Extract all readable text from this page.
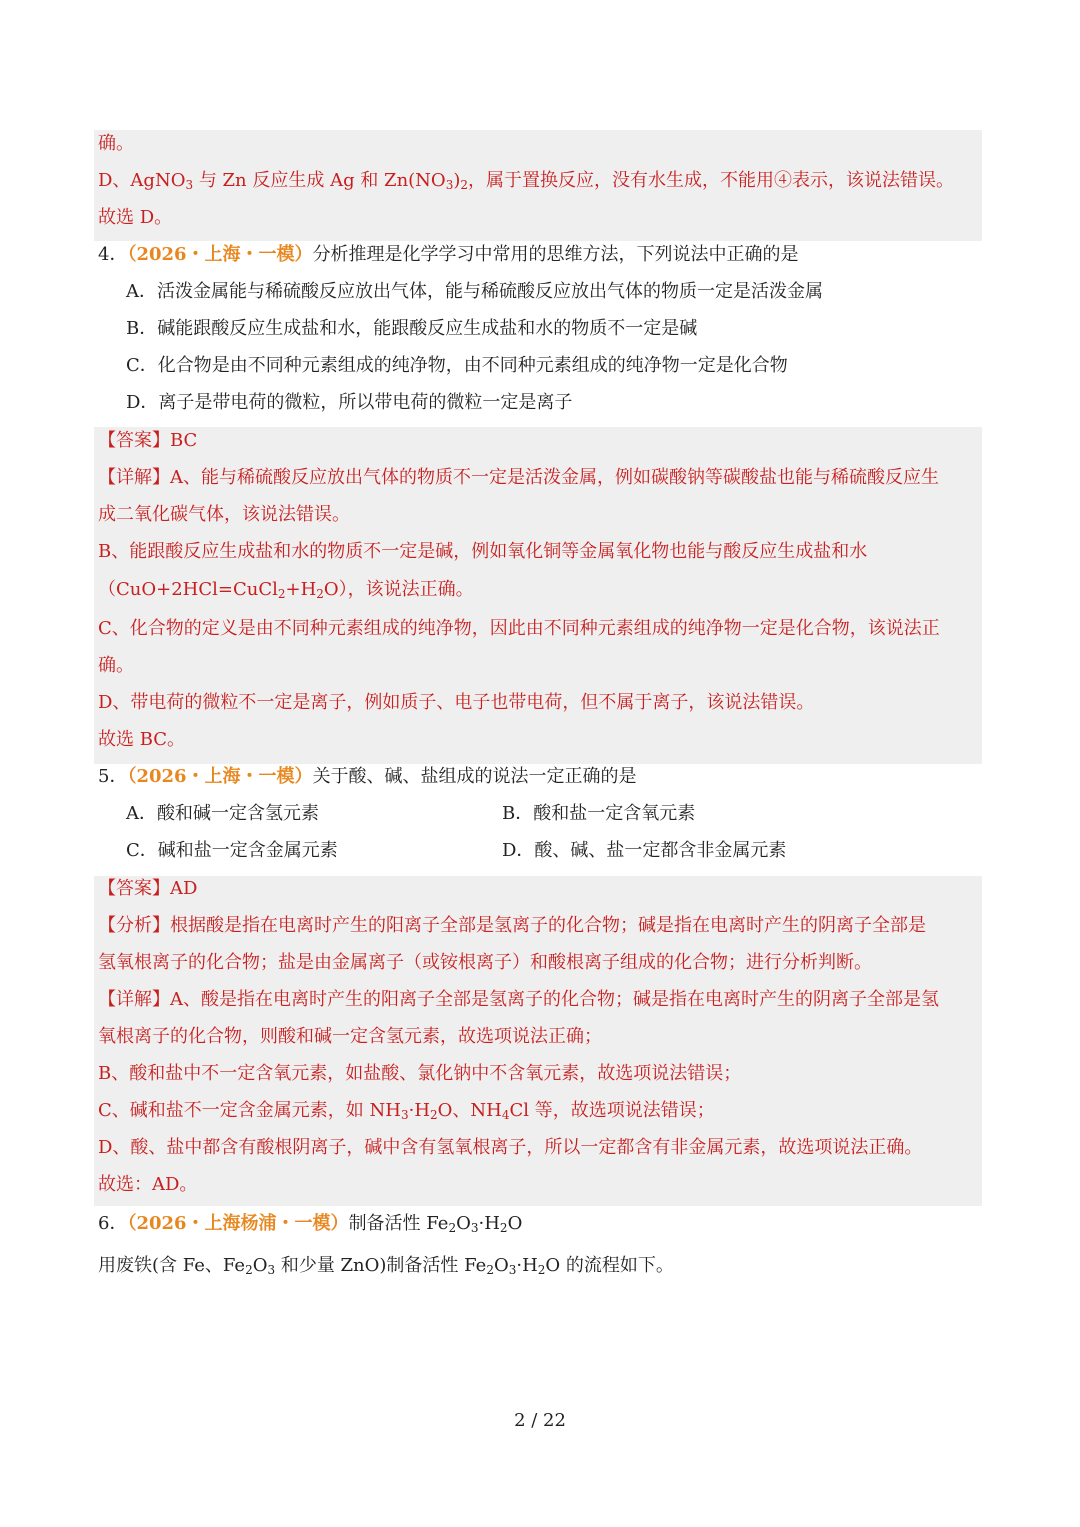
确。
D、AgNO$_3$ 与 Zn 反应生成 Ag 和 $Zn(NO_3)_2$，属于置换反应，没有水生成，不能用④表示，该说法错误。
故选 D。
4．（2026・上海・一模）分析推理是化学学习中常用的思维方法，下列说法中正确的是
A．活泼金属能与稀硫酸反应放出气体，能与稀硫酸反应放出气体的物质一定是活泼金属
B．碱能跟酸反应生成盐和水，能跟酸反应生成盐和水的物质不一定是碱
C．化合物是由不同种元素组成的纯净物，由不同种元素组成的纯净物一定是化合物
D．离子是带电荷的微粒，所以带电荷的微粒一定是离子
【答案】BC
【详解】A、能与稀硫酸反应放出气体的物质不一定是活泼金属，例如碳酸钠等碳酸盐也能与稀硫酸反应生
成二氧化碳气体，该说法错误。
B、能跟酸反应生成盐和水的物质不一定是碱，例如氧化铜等金属氧化物也能与酸反应生成盐和水
$(CuO+2HCl=CuCl_2+H_2O)$，该说法正确。
C、化合物的定义是由不同种元素组成的纯净物，因此由不同种元素组成的纯净物一定是化合物，该说法正
确。
D、带电荷的微粒不一定是离子，例如质子、电子也带电荷，但不属于离子，该说法错误。
故选 BC。
5．（2026・上海・一模）关于酸、碱、盐组成的说法一定正确的是
A．酸和碱一定含氢元素	B．酸和盐一定含氧元素
C．碱和盐一定含金属元素	D．酸、碱、盐一定都含非金属元素
【答案】AD
【分析】根据酸是指在电离时产生的阳离子全部是氢离子的化合物；碱是指在电离时产生的阴离子全部是
氢氧根离子的化合物；盐是由金属离子（或铵根离子）和酸根离子组成的化合物；进行分析判断。
【详解】A、酸是指在电离时产生的阳离子全部是氢离子的化合物；碱是指在电离时产生的阴离子全部是氢
氧根离子的化合物，则酸和碱一定含氢元素，故选项说法正确；
B、酸和盐中不一定含氧元素，如盐酸、氯化钠中不含氧元素，故选项说法错误；
C、碱和盐不一定含金属元素，如 $NH_3\cdot H_2O$、$NH_4Cl$ 等，故选项说法错误；
D、酸、盐中都含有酸根阴离子，碱中含有氢氧根离子，所以一定都含有非金属元素，故选项说法正确。
故选：AD。
6．（2026・上海杨浦・一模）制备活性 $Fe_2O_3\cdot H_2O$
用废铁(含 Fe、$Fe_2O_3$ 和少量 ZnO)制备活性 $Fe_2O_3\cdot H_2O$ 的流程如下。
2 / 22
